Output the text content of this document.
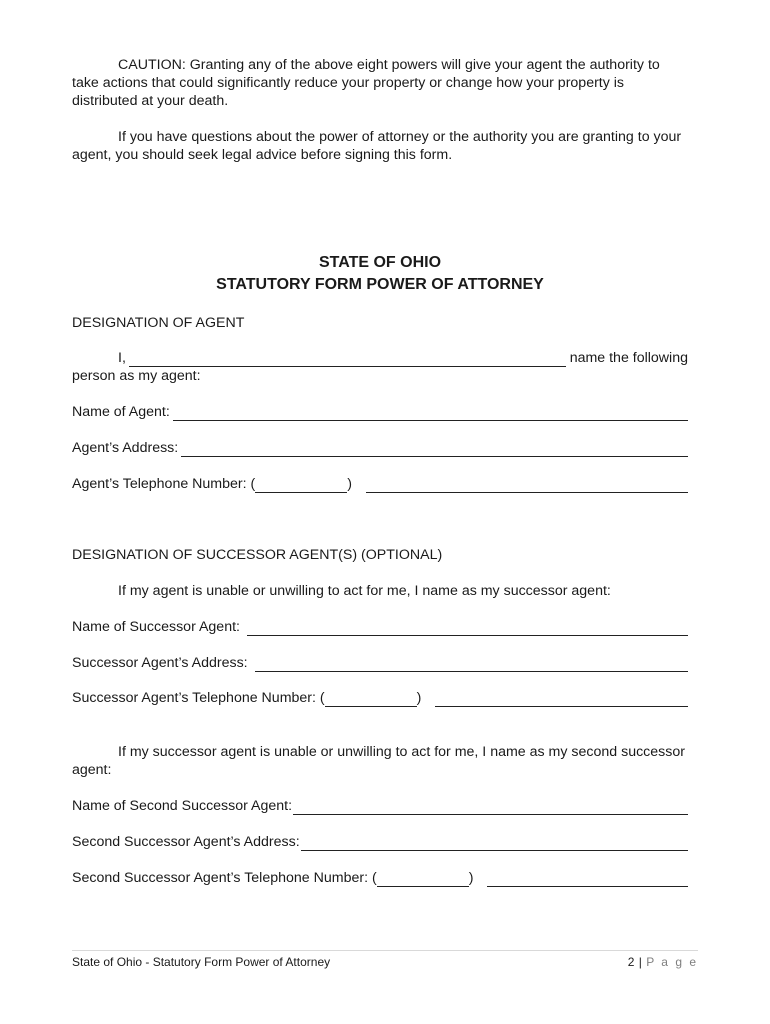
CAUTION: Granting any of the above eight powers will give your agent the authority to take actions that could significantly reduce your property or change how your property is distributed at your death.

If you have questions about the power of attorney or the authority you are granting to your agent, you should seek legal advice before signing this form.

STATE OF OHIO
STATUTORY FORM POWER OF ATTORNEY

DESIGNATION OF AGENT

I,	name the following

person as my agent:

Name of Agent:
Agent’s Address:
Agent’s Telephone Number: (	)

DESIGNATION OF SUCCESSOR AGENT(S) (OPTIONAL)

If my agent is unable or unwilling to act for me, I name as my successor agent:

Name of Successor Agent:
Successor Agent’s Address:
Successor Agent’s Telephone Number: (	)

If my successor agent is unable or unwilling to act for me, I name as my second successor agent:

Name of Second Successor Agent:
Second Successor Agent’s Address:
Second Successor Agent’s Telephone Number: (	)
State of Ohio - Statutory Form Power of Attorney	2 | P a g e
